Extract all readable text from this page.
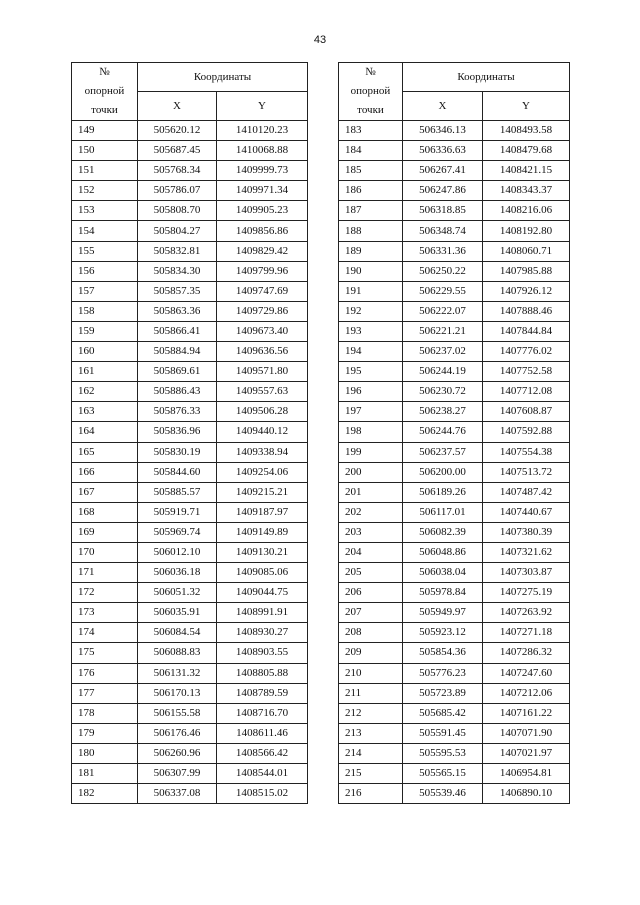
43
№
опорной
точки	Координаты	
	X	Y
149	505620.12	1410120.23
150	505687.45	1410068.88
151	505768.34	1409999.73
152	505786.07	1409971.34
153	505808.70	1409905.23
154	505804.27	1409856.86
155	505832.81	1409829.42
156	505834.30	1409799.96
157	505857.35	1409747.69
158	505863.36	1409729.86
159	505866.41	1409673.40
160	505884.94	1409636.56
161	505869.61	1409571.80
162	505886.43	1409557.63
163	505876.33	1409506.28
164	505836.96	1409440.12
165	505830.19	1409338.94
166	505844.60	1409254.06
167	505885.57	1409215.21
168	505919.71	1409187.97
169	505969.74	1409149.89
170	506012.10	1409130.21
171	506036.18	1409085.06
172	506051.32	1409044.75
173	506035.91	1408991.91
174	506084.54	1408930.27
175	506088.83	1408903.55
176	506131.32	1408805.88
177	506170.13	1408789.59
178	506155.58	1408716.70
179	506176.46	1408611.46
180	506260.96	1408566.42
181	506307.99	1408544.01
182	506337.08	1408515.02
№
опорной
точки	Координаты	
	X	Y
183	506346.13	1408493.58
184	506336.63	1408479.68
185	506267.41	1408421.15
186	506247.86	1408343.37
187	506318.85	1408216.06
188	506348.74	1408192.80
189	506331.36	1408060.71
190	506250.22	1407985.88
191	506229.55	1407926.12
192	506222.07	1407888.46
193	506221.21	1407844.84
194	506237.02	1407776.02
195	506244.19	1407752.58
196	506230.72	1407712.08
197	506238.27	1407608.87
198	506244.76	1407592.88
199	506237.57	1407554.38
200	506200.00	1407513.72
201	506189.26	1407487.42
202	506117.01	1407440.67
203	506082.39	1407380.39
204	506048.86	1407321.62
205	506038.04	1407303.87
206	505978.84	1407275.19
207	505949.97	1407263.92
208	505923.12	1407271.18
209	505854.36	1407286.32
210	505776.23	1407247.60
211	505723.89	1407212.06
212	505685.42	1407161.22
213	505591.45	1407071.90
214	505595.53	1407021.97
215	505565.15	1406954.81
216	505539.46	1406890.10
